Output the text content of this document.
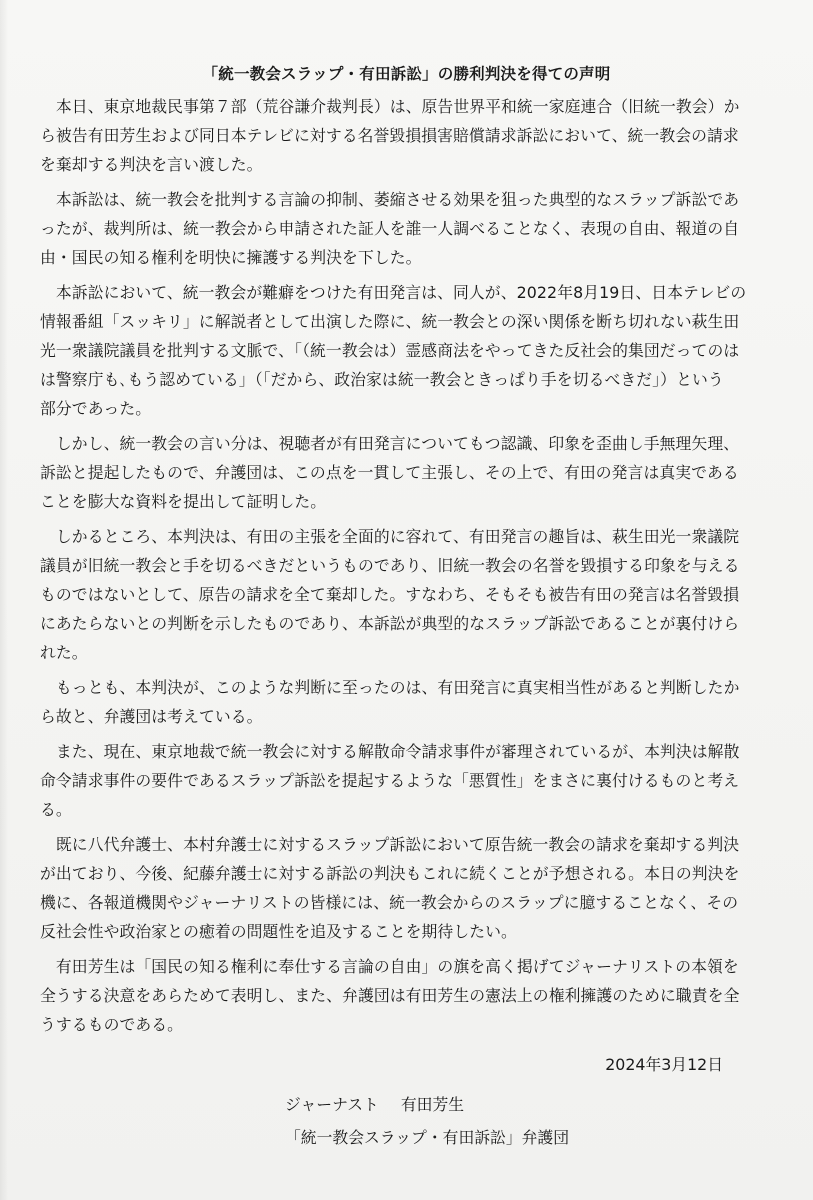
「統一教会スラップ・有田訴訟」の勝利判決を得ての声明

　本日、東京地裁民事第７部（荒谷謙介裁判長）は、原告世界平和統一家庭連合（旧統一教会）か
ら被告有田芳生および同日本テレビに対する名誉毀損損害賠償請求訴訟において、統一教会の請求
を棄却する判決を言い渡した。

　本訴訟は、統一教会を批判する言論の抑制、萎縮させる効果を狙った典型的なスラップ訴訟であ
ったが、裁判所は、統一教会から申請された証人を誰一人調べることなく、表現の自由、報道の自
由・国民の知る権利を明快に擁護する判決を下した。

　本訴訟において、統一教会が難癖をつけた有田発言は、同人が、2022年8月19日、日本テレビの
情報番組「スッキリ」に解説者として出演した際に、統一教会との深い関係を断ち切れない萩生田
光一衆議院議員を批判する文脈で、「（統一教会は）霊感商法をやってきた反社会的集団だってのは
は警察庁も､もう認めている」（「だから、政治家は統一教会ときっぱり手を切るべきだ」）という
部分であった。

　しかし、統一教会の言い分は、視聴者が有田発言についてもつ認識、印象を歪曲し手無理矢理、
訴訟と提起したもので、弁護団は、この点を一貫して主張し、その上で、有田の発言は真実である
ことを膨大な資料を提出して証明した。

　しかるところ、本判決は、有田の主張を全面的に容れて、有田発言の趣旨は、萩生田光一衆議院
議員が旧統一教会と手を切るべきだというものであり、旧統一教会の名誉を毀損する印象を与える
ものではないとして、原告の請求を全て棄却した。すなわち、そもそも被告有田の発言は名誉毀損
にあたらないとの判断を示したものであり、本訴訟が典型的なスラップ訴訟であることが裏付けら
れた。

　もっとも、本判決が、このような判断に至ったのは、有田発言に真実相当性があると判断したか
ら故と、弁護団は考えている。

　また、現在、東京地裁で統一教会に対する解散命令請求事件が審理されているが、本判決は解散
命令請求事件の要件であるスラップ訴訟を提起するような「悪質性」をまさに裏付けるものと考え
る。

　既に八代弁護士、本村弁護士に対するスラップ訴訟において原告統一教会の請求を棄却する判決
が出ており、今後、紀藤弁護士に対する訴訟の判決もこれに続くことが予想される。本日の判決を
機に、各報道機関やジャーナリストの皆様には、統一教会からのスラップに臆することなく、その
反社会性や政治家との癒着の問題性を追及することを期待したい。

　有田芳生は「国民の知る権利に奉仕する言論の自由」の旗を高く掲げてジャーナリストの本領を
全うする決意をあらためて表明し、また、弁護団は有田芳生の憲法上の権利擁護のために職責を全
うするものである。

2024年3月12日
ジャーナスト 有田芳生
「統一教会スラップ・有田訴訟」弁護団
